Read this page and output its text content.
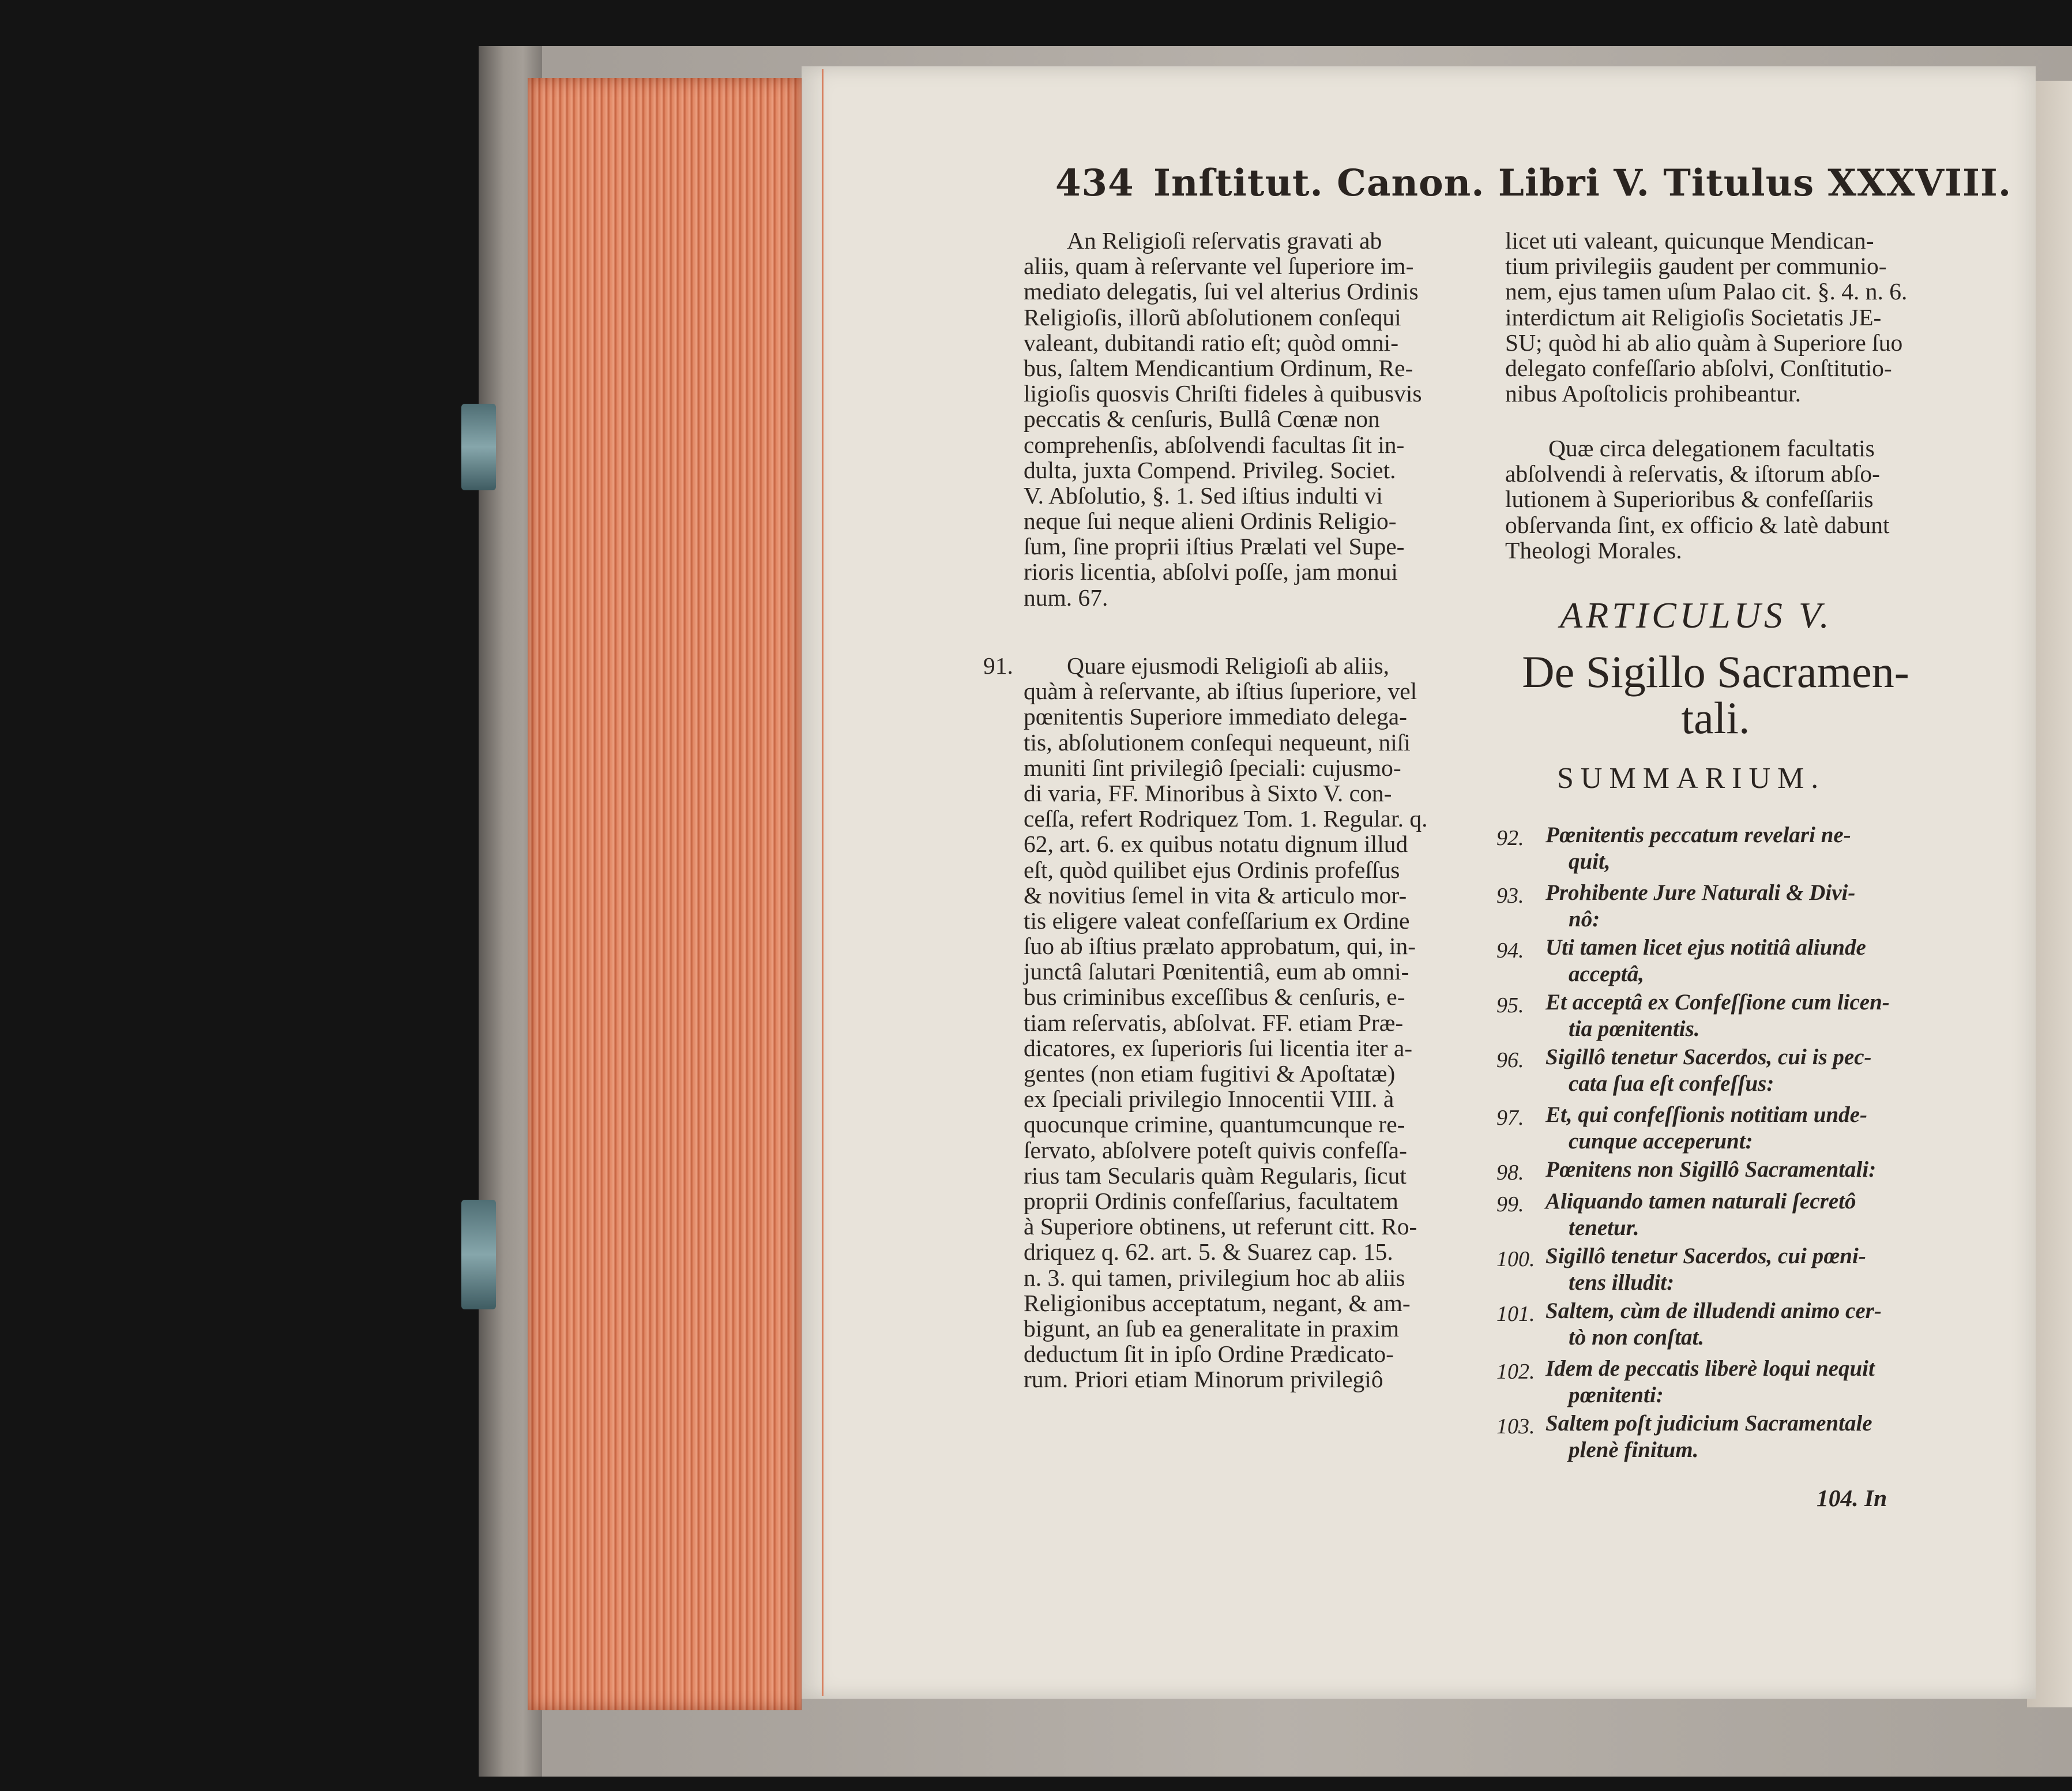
434 Inſtitut. Canon. Libri V. Titulus XXXVIII.
An Religioſi reſervatis gravati ab
aliis, quam à reſervante vel ſuperiore im-
mediato delegatis, ſui vel alterius Ordinis
Religioſis, illorũ abſolutionem conſequi
valeant, dubitandi ratio eſt; quòd omni-
bus, ſaltem Mendicantium Ordinum, Re-
ligioſis quosvis Chriſti fideles à quibusvis
peccatis & cenſuris, Bullâ Cœnæ non
comprehenſis, abſolvendi facultas ſit in-
dulta, juxta Compend. Privileg. Societ.
V. Abſolutio, §. 1. Sed iſtius indulti vi
neque ſui neque alieni Ordinis Religio-
ſum, ſine proprii iſtius Prælati vel Supe-
rioris licentia, abſolvi poſſe, jam monui
num. 67.
91.	Quare ejusmodi Religioſi ab aliis,
quàm à reſervante, ab iſtius ſuperiore, vel
pœnitentis Superiore immediato delega-
tis, abſolutionem conſequi nequeunt, niſi
muniti ſint privilegiô ſpeciali: cujusmo-
di varia, FF. Minoribus à Sixto V. con-
ceſſa, refert Rodriquez Tom. 1. Regular. q.
62, art. 6. ex quibus notatu dignum illud
eſt, quòd quilibet ejus Ordinis profeſſus
& novitius ſemel in vita & articulo mor-
tis eligere valeat confeſſarium ex Ordine
ſuo ab iſtius prælato approbatum, qui, in-
junctâ ſalutari Pœnitentiâ, eum ab omni-
bus criminibus exceſſibus & cenſuris, e-
tiam reſervatis, abſolvat. FF. etiam Præ-
dicatores, ex ſuperioris ſui licentia iter a-
gentes (non etiam fugitivi & Apoſtatæ)
ex ſpeciali privilegio Innocentii VIII. à
quocunque crimine, quantumcunque re-
ſervato, abſolvere poteſt quivis confeſſa-
rius tam Secularis quàm Regularis, ſicut
proprii Ordinis confeſſarius, facultatem
à Superiore obtinens, ut referunt citt. Ro-
driquez q. 62. art. 5. & Suarez cap. 15.
n. 3. qui tamen, privilegium hoc ab aliis
Religionibus acceptatum, negant, & am-
bigunt, an ſub ea generalitate in praxim
deductum ſit in ipſo Ordine Prædicato-
rum. Priori etiam Minorum privilegiô
licet uti valeant, quicunque Mendican-
tium privilegiis gaudent per communio-
nem, ejus tamen uſum Palao cit. §. 4. n. 6.
interdictum ait Religioſis Societatis JE-
SU; quòd hi ab alio quàm à Superiore ſuo
delegato confeſſario abſolvi, Conſtitutio-
nibus Apoſtolicis prohibeantur.
Quæ circa delegationem facultatis
abſolvendi à reſervatis, & iſtorum abſo-
lutionem à Superioribus & confeſſariis
obſervanda ſint, ex officio & latè dabunt
Theologi Morales.
ARTICULUS V.
De Sigillo Sacramen-
tali.
SUMMARIUM.
92. Pœnitentis peccatum revelari ne-
quit,
93. Prohibente Jure Naturali & Divi-
nô:
94. Uti tamen licet ejus notitiâ aliunde
acceptâ,
95. Et acceptâ ex Confeſſione cum licen-
tia pœnitentis.
96. Sigillô tenetur Sacerdos, cui is pec-
cata ſua eſt confeſſus:
97. Et, qui confeſſionis notitiam unde-
cunque acceperunt:
98. Pœnitens non Sigillô Sacramentali:
99. Aliquando tamen naturali ſecretô
tenetur.
100. Sigillô tenetur Sacerdos, cui pœni-
tens illudit:
101. Saltem, cùm de illudendi animo cer-
tò non conſtat.
102. Idem de peccatis liberè loqui nequit
pœnitenti:
103. Saltem poſt judicium Sacramentale
plenè finitum.
104. In
